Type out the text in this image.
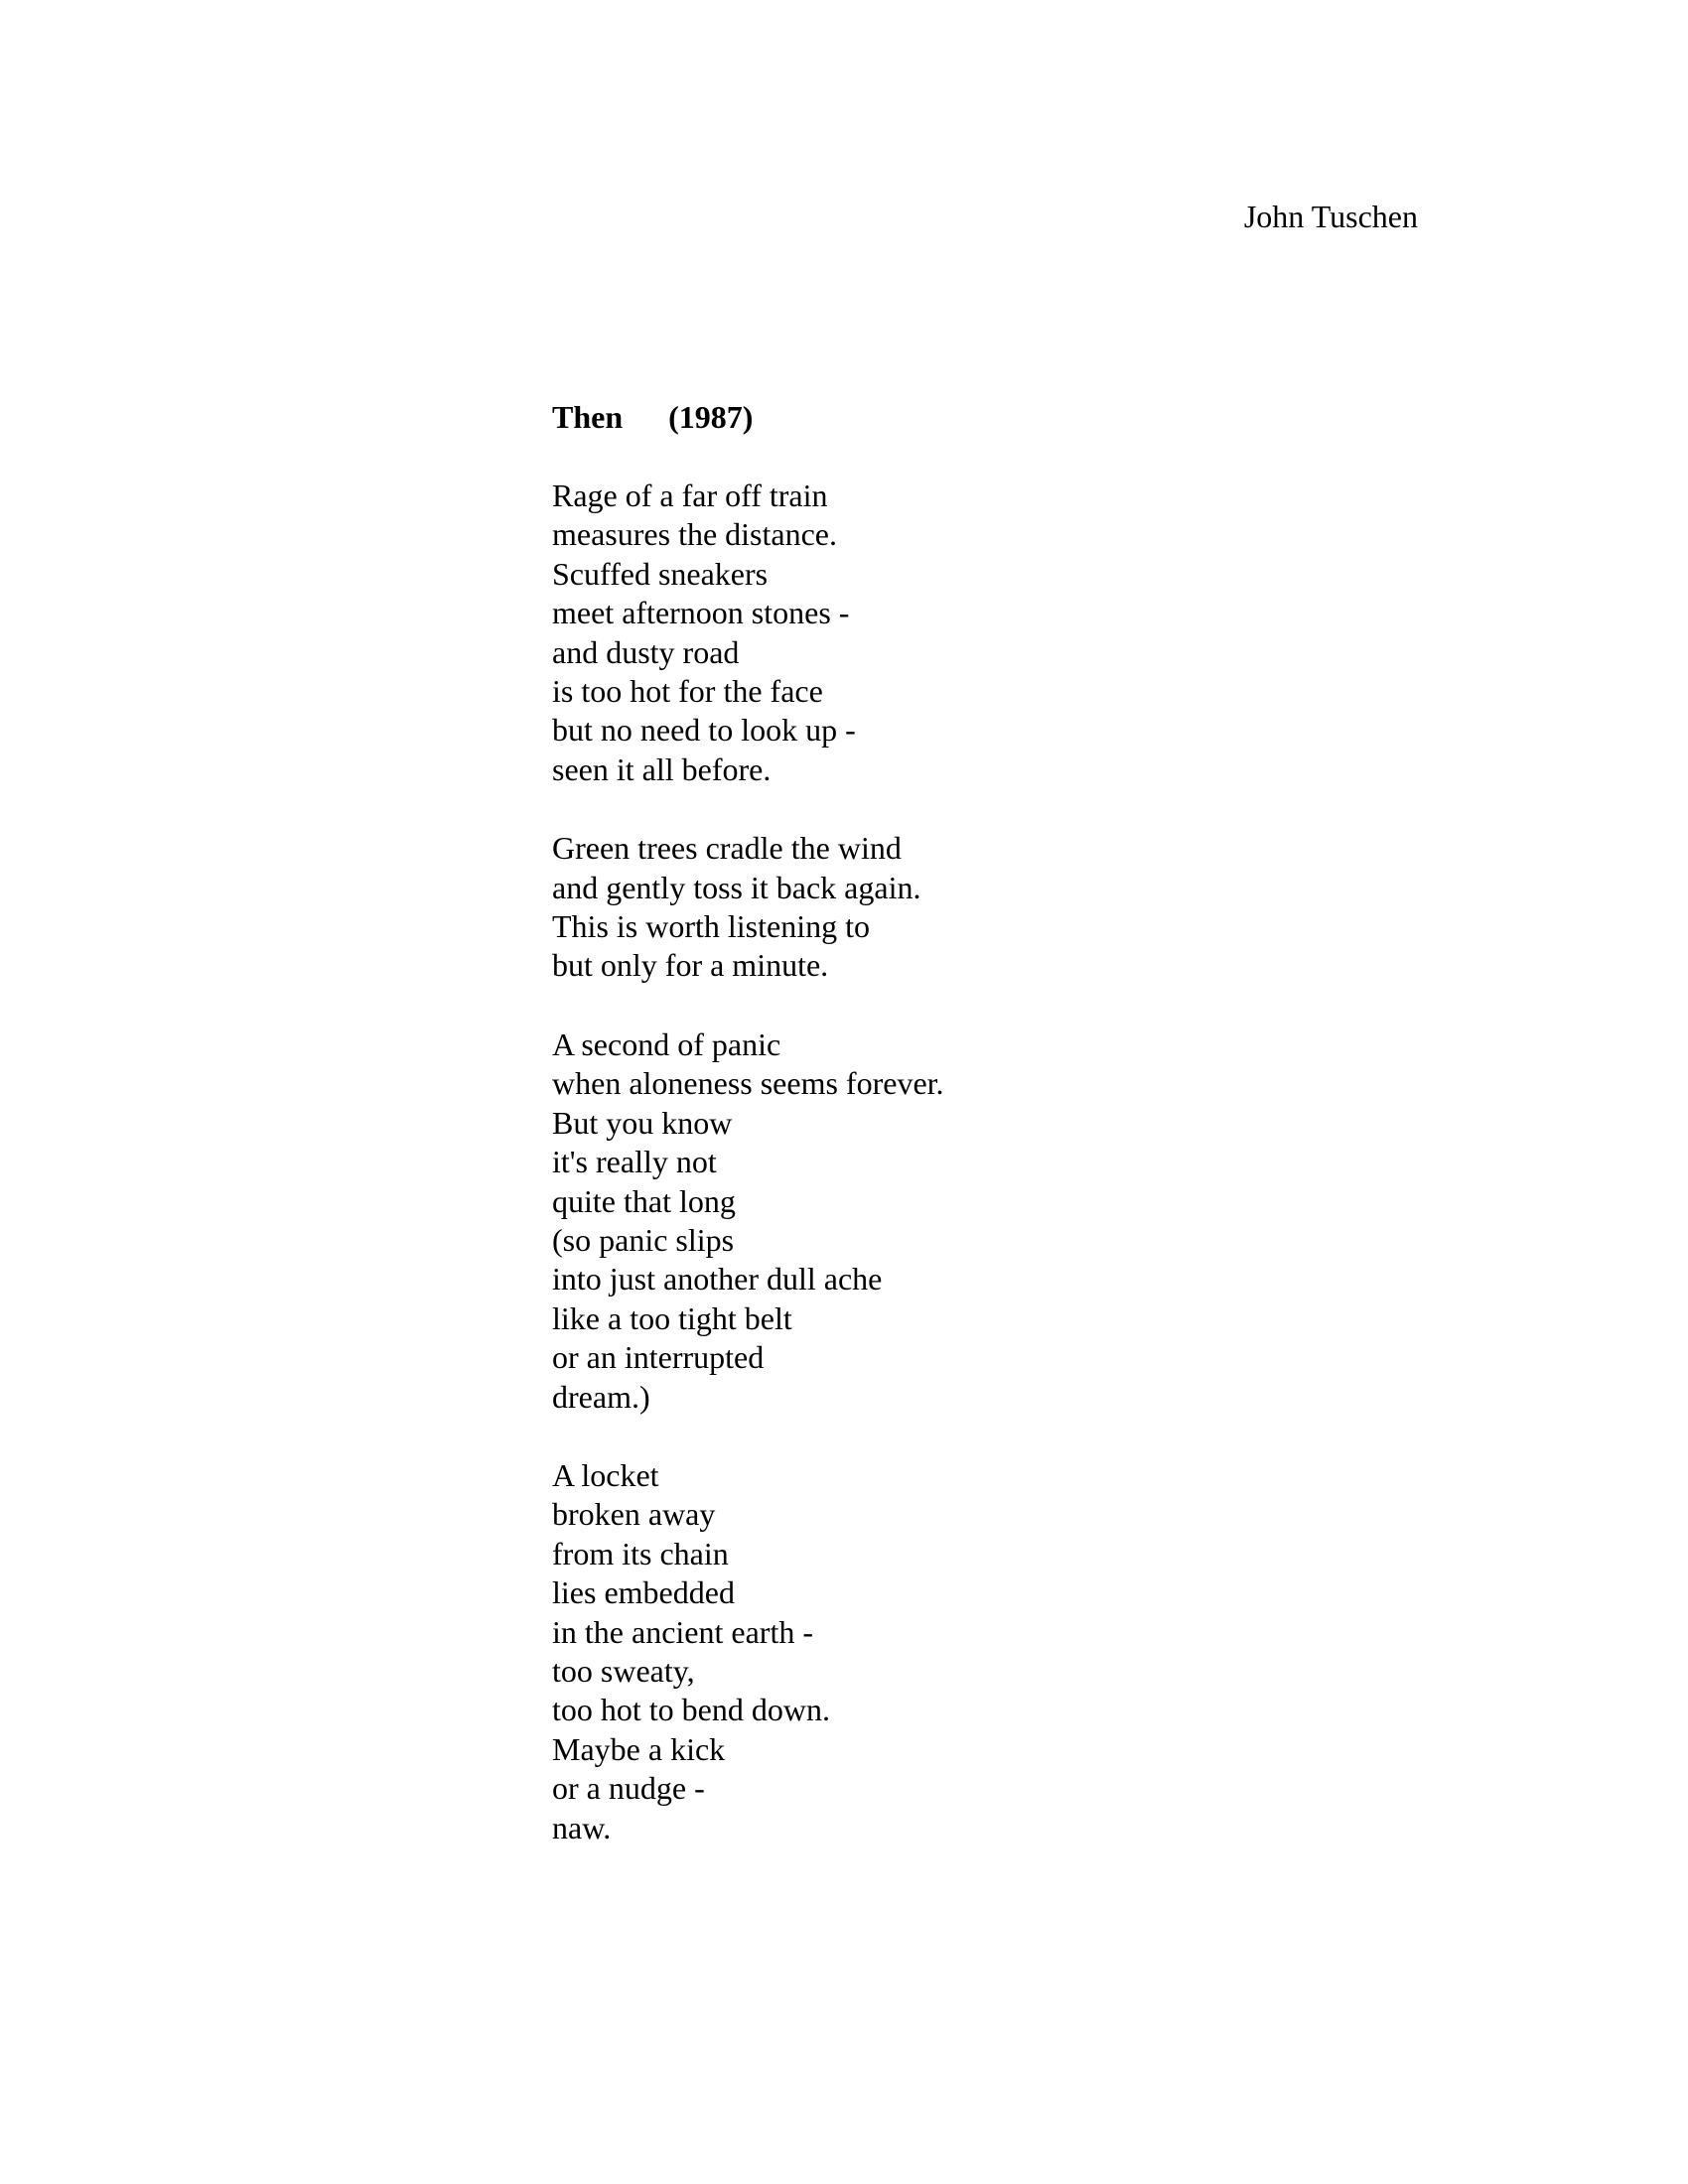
John Tuschen
Then (1987)
Rage of a far off train
measures the distance.
Scuffed sneakers
meet afternoon stones -
and dusty road
is too hot for the face
but no need to look up -
seen it all before.
Green trees cradle the wind
and gently toss it back again.
This is worth listening to
but only for a minute.
A second of panic
when aloneness seems forever.
But you know
it's really not
quite that long
(so panic slips
into just another dull ache
like a too tight belt
or an interrupted
dream.)
A locket
broken away
from its chain
lies embedded
in the ancient earth -
too sweaty,
too hot to bend down.
Maybe a kick
or a nudge -
naw.
